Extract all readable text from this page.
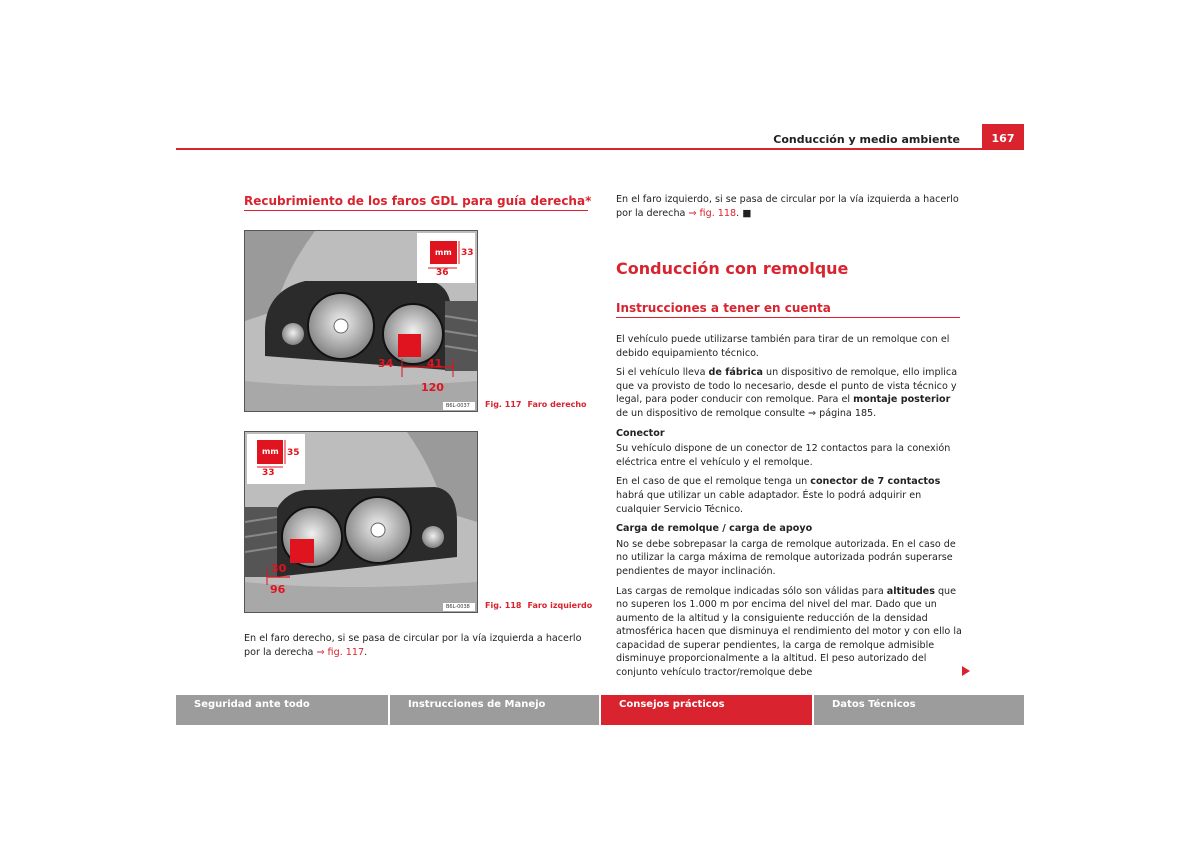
Conducción y medio ambiente	167
Recubrimiento de los faros GDL para guía derecha*
mm 33
36
34	41
120
B6L-0037 Fig. 117 Faro derecho
mm 35
33
30
96
B6L-0038 Fig. 118 Faro izquierdo

En el faro derecho, si se pasa de circular por la vía izquierda a hacerlo por la derecha ⇒ fig. 117.

En el faro izquierdo, si se pasa de circular por la vía izquierda a hacerlo por la derecha ⇒ fig. 118. ■

Conducción con remolque
Instrucciones a tener en cuenta

El vehículo puede utilizarse también para tirar de un remolque con el debido equipamiento técnico.

Si el vehículo lleva de fábrica un dispositivo de remolque, ello implica que va provisto de todo lo necesario, desde el punto de vista técnico y legal, para poder conducir con remolque. Para el montaje posterior de un dispositivo de remolque consulte ⇒ página 185.

Conector

Su vehículo dispone de un conector de 12 contactos para la conexión eléctrica entre el vehículo y el remolque.

En el caso de que el remolque tenga un conector de 7 contactos habrá que utilizar un cable adaptador. Éste lo podrá adquirir en cualquier Servicio Técnico.

Carga de remolque / carga de apoyo

No se debe sobrepasar la carga de remolque autorizada. En el caso de no utilizar la carga máxima de remolque autorizada podrán superarse pendientes de mayor inclinación.

Las cargas de remolque indicadas sólo son válidas para altitudes que no superen los 1.000 m por encima del nivel del mar. Dado que un aumento de la altitud y la consiguiente reducción de la densidad atmosférica hacen que disminuya el rendimiento del motor y con ello la capacidad de superar pendientes, la carga de remolque admisible disminuye proporcionalmente a la altitud. El peso autorizado del conjunto vehículo tractor/remolque debe

Seguridad ante todo	Instrucciones de Manejo	Consejos prácticos	Datos Técnicos
